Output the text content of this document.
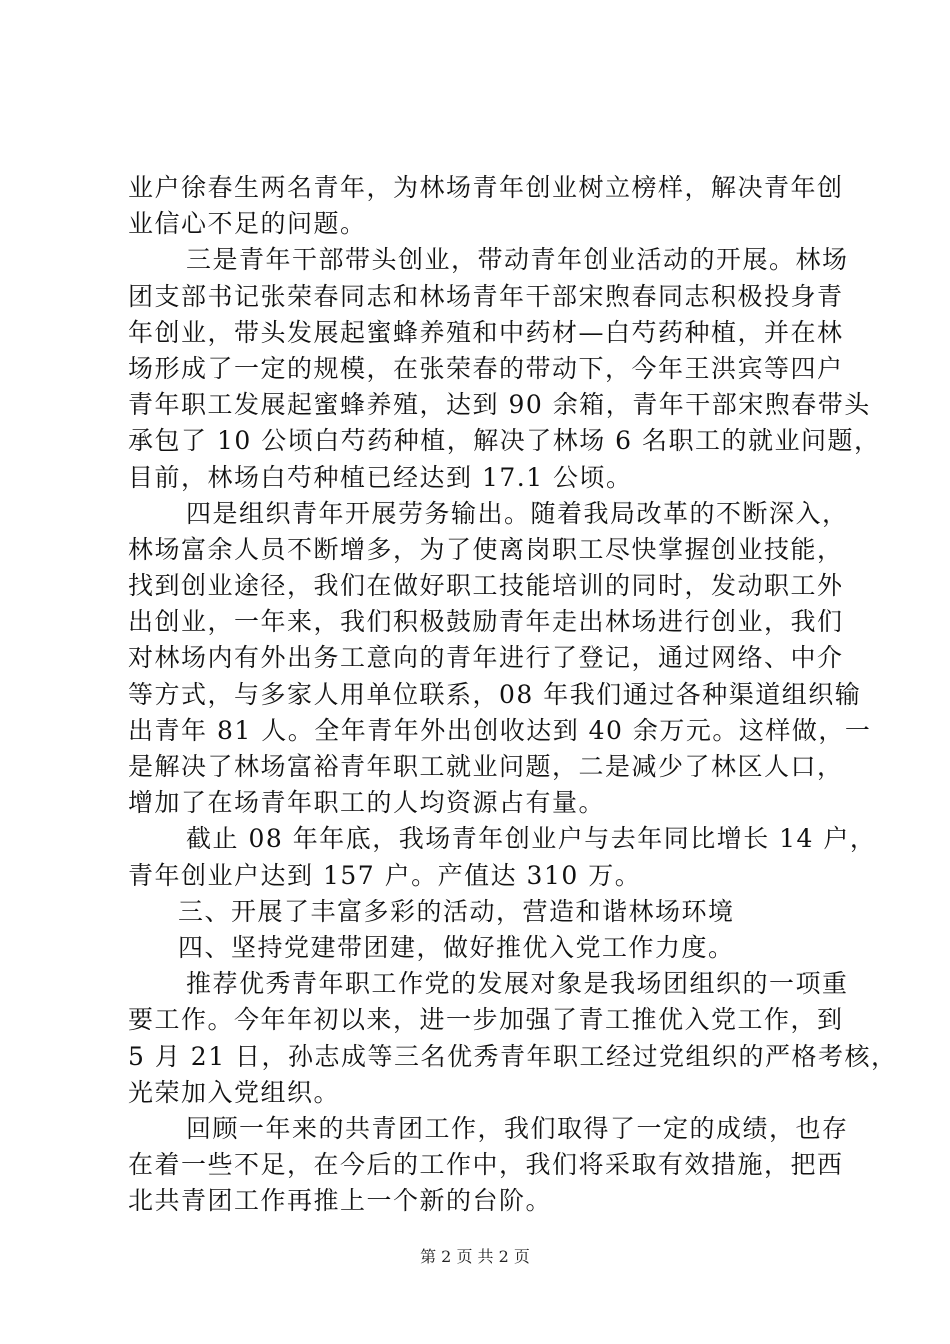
业户徐春生两名青年，为林场青年创业树立榜样，解决青年创
业信心不足的问题。
三是青年干部带头创业，带动青年创业活动的开展。林场
团支部书记张荣春同志和林场青年干部宋煦春同志积极投身青
年创业，带头发展起蜜蜂养殖和中药材—白芍药种植，并在林
场形成了一定的规模，在张荣春的带动下，今年王洪宾等四户
青年职工发展起蜜蜂养殖，达到 90 余箱，青年干部宋煦春带头
承包了 10 公顷白芍药种植，解决了林场 6 名职工的就业问题，
目前，林场白芍种植已经达到 17.1 公顷。
四是组织青年开展劳务输出。随着我局改革的不断深入，
林场富余人员不断增多，为了使离岗职工尽快掌握创业技能，
找到创业途径，我们在做好职工技能培训的同时，发动职工外
出创业，一年来，我们积极鼓励青年走出林场进行创业，我们
对林场内有外出务工意向的青年进行了登记，通过网络、中介
等方式，与多家人用单位联系，08 年我们通过各种渠道组织输
出青年 81 人。全年青年外出创收达到 40 余万元。这样做，一
是解决了林场富裕青年职工就业问题，二是减少了林区人口，
增加了在场青年职工的人均资源占有量。
截止 08 年年底，我场青年创业户与去年同比增长 14 户，
青年创业户达到 157 户。产值达 310 万。
三、开展了丰富多彩的活动，营造和谐林场环境
四、坚持党建带团建，做好推优入党工作力度。
推荐优秀青年职工作党的发展对象是我场团组织的一项重
要工作。今年年初以来，进一步加强了青工推优入党工作，到
5 月 21 日，孙志成等三名优秀青年职工经过党组织的严格考核，
光荣加入党组织。
回顾一年来的共青团工作，我们取得了一定的成绩，也存
在着一些不足，在今后的工作中，我们将采取有效措施，把西
北共青团工作再推上一个新的台阶。
第 2 页 共 2 页
